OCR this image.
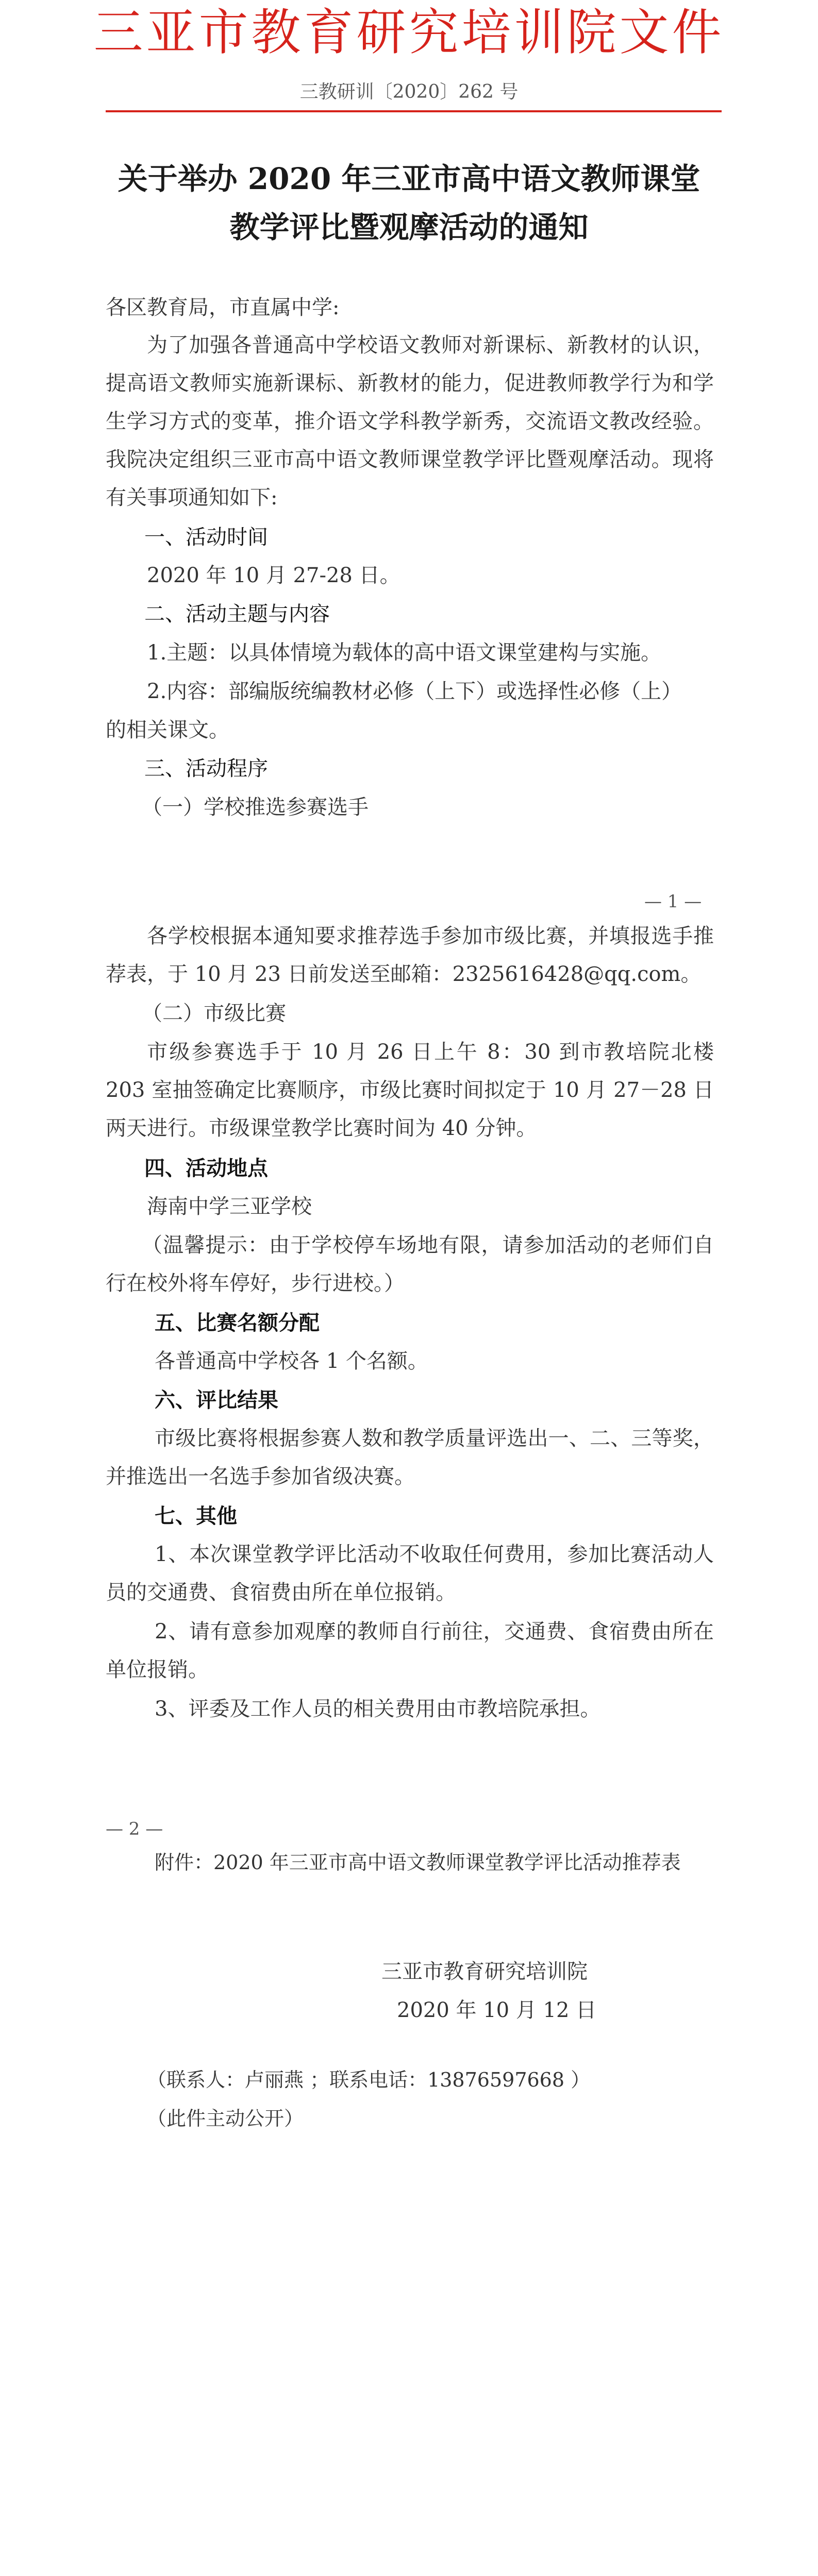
三亚市教育研究培训院文件
三教研训〔2020〕262 号
关于举办 2020 年三亚市高中语文教师课堂
教学评比暨观摩活动的通知
各区教育局，市直属中学:
为了加强各普通高中学校语文教师对新课标、新教材的认识，提高语文教师实施新课标、新教材的能力，促进教师教学行为和学生学习方式的变革，推介语文学科教学新秀，交流语文教改经验。我院决定组织三亚市高中语文教师课堂教学评比暨观摩活动。现将有关事项通知如下:
一、活动时间
2020 年 10 月 27-28 日。
二、活动主题与内容
1.主题：以具体情境为载体的高中语文课堂建构与实施。
2.内容：部编版统编教材必修（上下）或选择性必修（上）
的相关课文。
三、活动程序
（一）学校推选参赛选手
— 1 —
各学校根据本通知要求推荐选手参加市级比赛，并填报选手推荐表，于 10 月 23 日前发送至邮箱：2325616428@qq.com。
（二）市级比赛
市级参赛选手于 10 月 26 日上午 8：30 到市教培院北楼 203 室抽签确定比赛顺序，市级比赛时间拟定于 10 月 27－28 日两天进行。市级课堂教学比赛时间为 40 分钟。
四、活动地点
海南中学三亚学校
（温馨提示：由于学校停车场地有限，请参加活动的老师们自行在校外将车停好，步行进校。）
五、比赛名额分配
各普通高中学校各 1 个名额。
六、评比结果
市级比赛将根据参赛人数和教学质量评选出一、二、三等奖，并推选出一名选手参加省级决赛。
七、其他
1、本次课堂教学评比活动不收取任何费用，参加比赛活动人员的交通费、食宿费由所在单位报销。
2、请有意参加观摩的教师自行前往，交通费、食宿费由所在单位报销。
3、评委及工作人员的相关费用由市教培院承担。
— 2 —
附件：2020 年三亚市高中语文教师课堂教学评比活动推荐表
三亚市教育研究培训院
2020 年 10 月 12 日
（联系人：卢丽燕 ；联系电话：13876597668 ）
（此件主动公开）
